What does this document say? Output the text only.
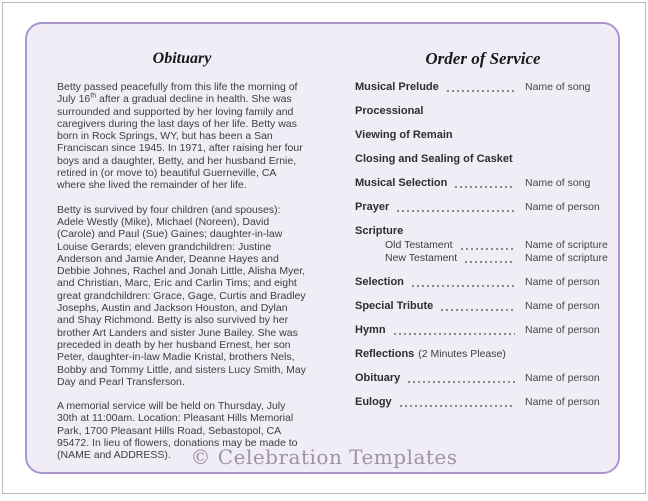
Obituary

Betty passed peacefully from this life the morning of July 16th after a gradual decline in health. She was surrounded and supported by her loving family and caregivers during the last days of her life. Betty was born in Rock Springs, WY, but has been a San Franciscan since 1945. In 1971, after raising her four boys and a daughter, Betty, and her husband Ernie, retired in (or move to) beautiful Guerneville, CA where she lived the remainder of her life.

Betty is survived by four children (and spouses): Adele Westly (Mike), Michael (Noreen), David (Carole) and Paul (Sue) Gaines; daughter-in-law Louise Gerards; eleven grandchildren: Justine Anderson and Jamie Ander, Deanne Hayes and Debbie Johnes, Rachel and Jonah Little, Alisha Myer, and Christian, Marc, Eric and Carlin Tims; and eight great grandchildren: Grace, Gage, Curtis and Bradley Josephs, Austin and Jackson Houston, and Dylan and Shay Richmond. Betty is also survived by her brother Art Landers and sister June Bailey. She was preceded in death by her husband Ernest, her son Peter, daughter-in-law Madie Kristal, brothers Nels, Bobby and Tommy Little, and sisters Lucy Smith, May Day and Pearl Transferson.

A memorial service will be held on Thursday, July 30th at 11:00am. Location: Pleasant Hills Memorial Park, 1700 Pleasant Hills Road, Sebastopol, CA 95472. In lieu of flowers, donations may be made to (NAME and ADDRESS).

Order of Service
Musical Prelude	Name of song
Processional
Viewing of Remain
Closing and Sealing of Casket
Musical Selection	Name of song
Prayer	Name of person
Scripture
Old Testament	Name of scripture
New Testament	Name of scripture
Selection	Name of person
Special Tribute	Name of person
Hymn	Name of person
Reflections (2 Minutes Please)
Obituary	Name of person
Eulogy	Name of person
© Celebration Templates
